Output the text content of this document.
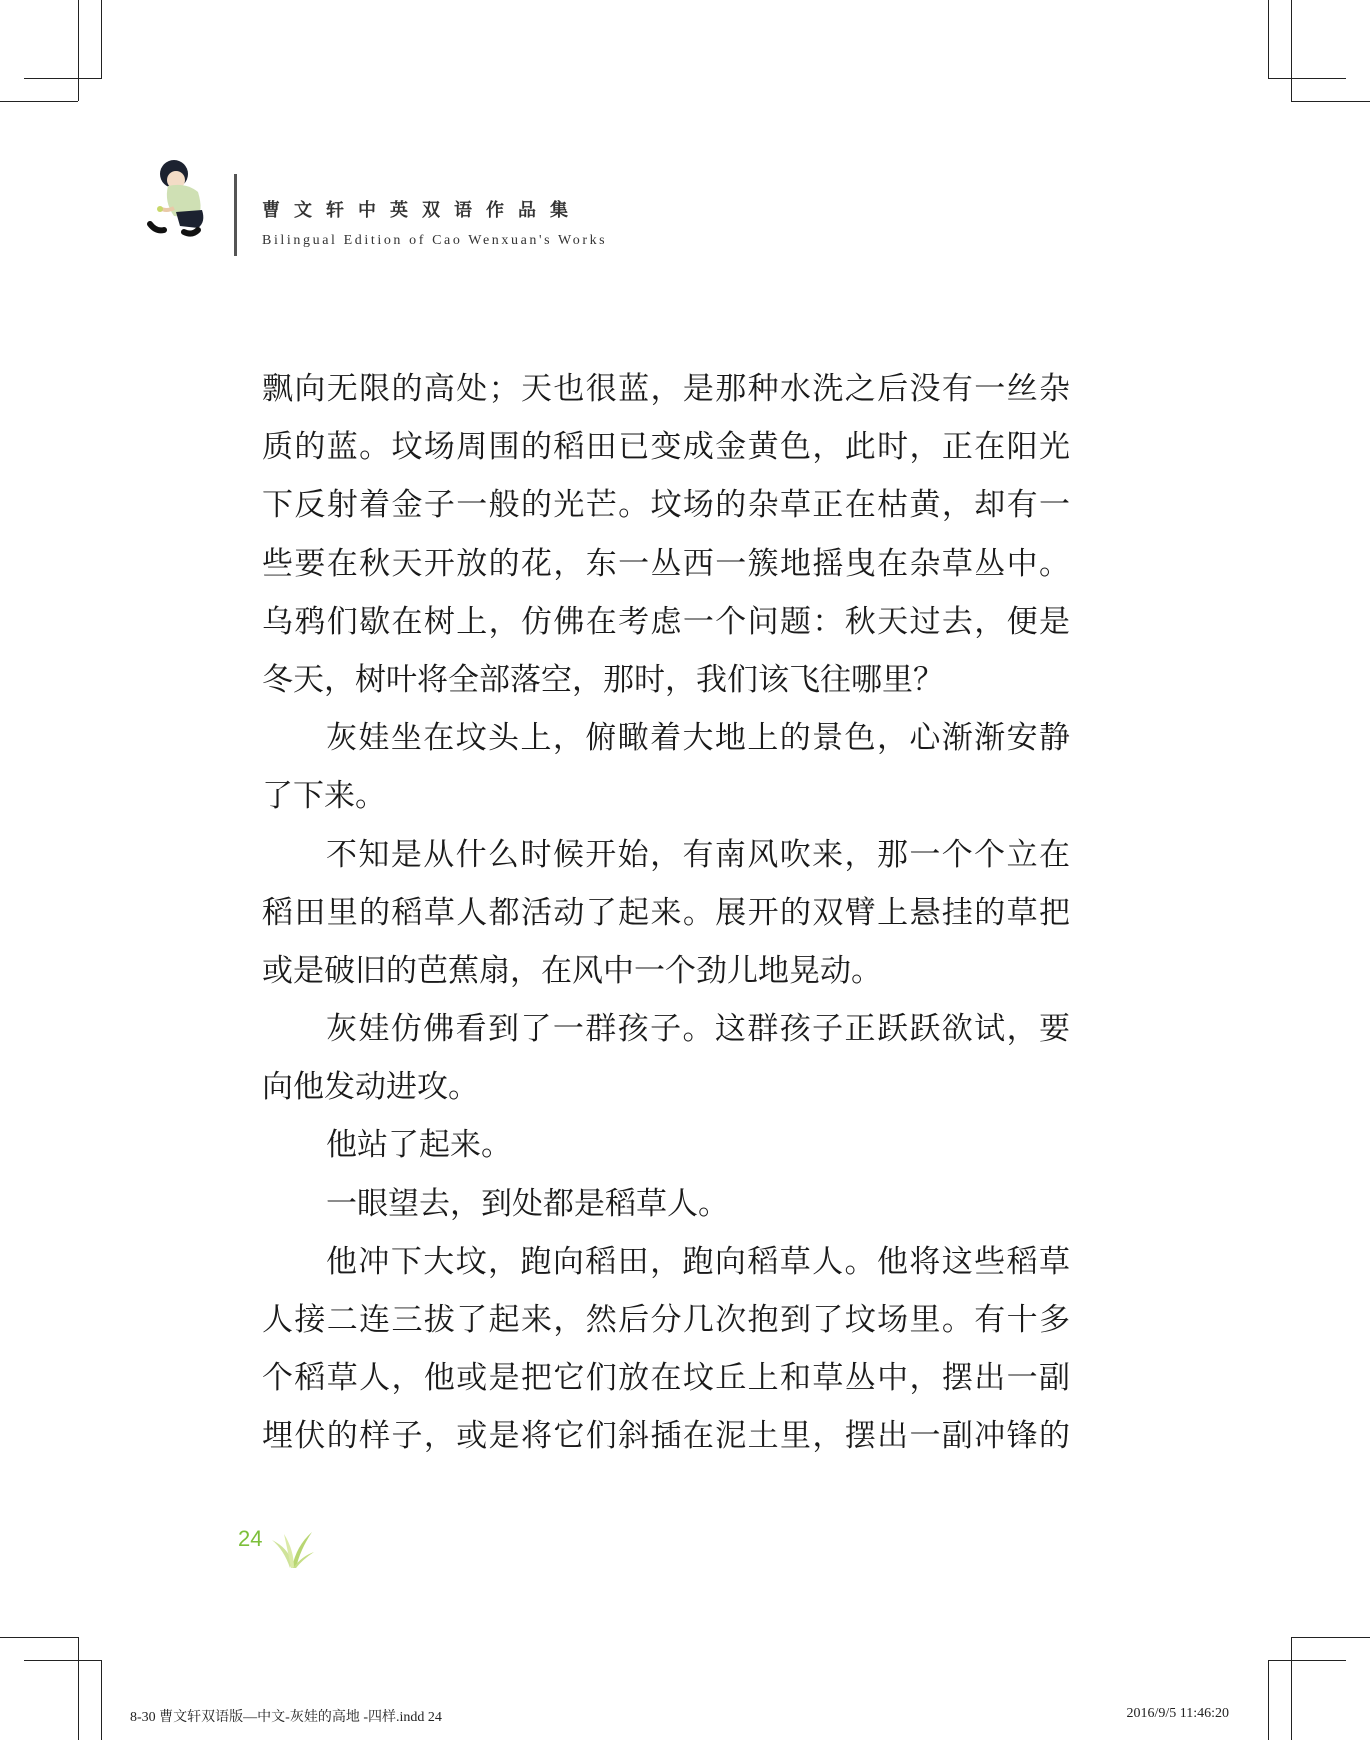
曹文轩中英双语作品集
Bilingual Edition of Cao Wenxuan's Works
飘向无限的高处；天也很蓝，是那种水洗之后没有一丝杂
质的蓝。坟场周围的稻田已变成金黄色，此时，正在阳光
下反射着金子一般的光芒。坟场的杂草正在枯黄，却有一
些要在秋天开放的花，东一丛西一簇地摇曳在杂草丛中。
乌鸦们歇在树上，仿佛在考虑一个问题：秋天过去，便是
冬天，树叶将全部落空，那时，我们该飞往哪里？
灰娃坐在坟头上，俯瞰着大地上的景色，心渐渐安静
了下来。
不知是从什么时候开始，有南风吹来，那一个个立在
稻田里的稻草人都活动了起来。展开的双臂上悬挂的草把
或是破旧的芭蕉扇，在风中一个劲儿地晃动。
灰娃仿佛看到了一群孩子。这群孩子正跃跃欲试，要
向他发动进攻。
他站了起来。
一眼望去，到处都是稻草人。
他冲下大坟，跑向稻田，跑向稻草人。他将这些稻草
人接二连三拔了起来，然后分几次抱到了坟场里。有十多
个稻草人，他或是把它们放在坟丘上和草丛中，摆出一副
埋伏的样子，或是将它们斜插在泥土里，摆出一副冲锋的
24
8-30 曹文轩双语版—中文-灰娃的高地 -四样.indd 24	2016/9/5 11:46:20
